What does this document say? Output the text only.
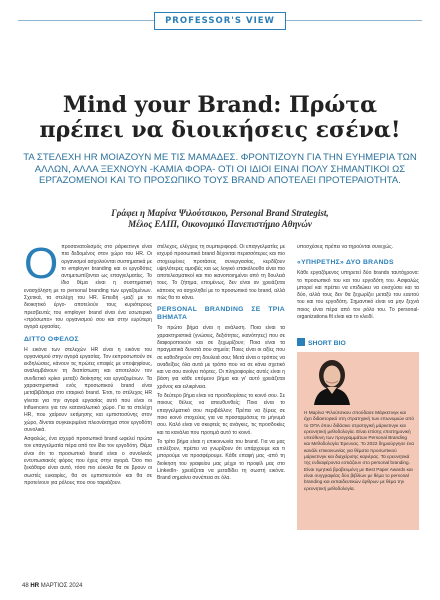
PROFESSOR'S VIEW
Mind your Brand: Πρώτα
πρέπει να διοικήσεις εσένα!
ΤΑ ΣΤΕΛΕΧΗ HR ΜΟΙΑΖΟΥΝ ΜΕ ΤΙΣ ΜΑΜΑΔΕΣ. ΦΡΟΝΤΙΖΟΥΝ ΓΙΑ ΤΗΝ ΕΥΗΜΕΡΙΑ ΤΩΝ ΑΛΛΩΝ, ΑΛΛΑ ΞΕΧΝΟΥΝ -ΚΑΜΙΑ ΦΟΡΑ- ΟΤΙ ΟΙ ΙΔΙΟΙ ΕΙΝΑΙ ΠΟΛΥ ΣΗΜΑΝΤΙΚΟΙ ΩΣ ΕΡΓΑΖΟΜΕΝΟΙ ΚΑΙ ΤΟ ΠΡΟΣΩΠΙΚΟ ΤΟΥΣ BRAND ΑΠΟΤΕΛΕΙ ΠΡΟΤΕΡΑΙΟΤΗΤΑ.
Γράφει η Μαρίνα Ψιλούτσικου, Personal Brand Strategist,
Μέλος ΕΛΙΠ, Οικονομικό Πανεπιστήμιο Αθηνών
Ο προσανατολισμός στο ράρκετινγκ είναι πια δεδομένος στον χώρο του HR. Οι οργανισμοί ασχολούνται συστηματικά με το employer branding και οι εργοδότες αντιμετωπίζονται ως επαγγελματίες. Το ίδιο θέμα είναι η συστηματική ενασχόληση με το personal branding των εργαζομένων. Σχετικά, τα στελέχη του HR. Επειδή -μαζί με το διοικητικό έργο- αποτελούν τους κυριότερους πρεσβευτές του employer brand είναι ένα εσωτερικό «πρόσωπο» του οργανισμού σου και στην ευρύτερη αγορά εργασίας.

ΔΙΤΤΟ ΟΦΕΛΟΣ

Η εικόνα των στελεχών HR είναι η εικόνα του οργανισμού στην αγορά εργασίας. Τον εκπροσωπούν σε εκδηλώσεις, κάνουν τις πρώτες επαφές με υποψηφίους, αναλαμβάνουν τη διαπίστωση και αποτελούν τον συνδετικό κρίκο μεταξύ διοίκησης και εργαζομένων. Τα χαρακτηριστικά ενός προσωπικού brand είναι μεταβιβάσιμα στο εταιρικό brand. Έτσι, το στέλεχος HR γίνεται για την αγορά εργασίας αυτό που είναι οι influencers για τον καταναλωτικό χώρο. Για τα στελέχη HR, που χαίρουν εκτίμησης και εμπιστοσύνης στον χώρο, δίνεται συγκεκριμένα πλεονέκτημα στον εργοδότη συνολικά.

Ασφαλώς, ένα ισχυρό προσωπικό brand ωφελεί πρώτα τον επαγγελματία πέρα από τον ίδιο τον εργοδότη. Θέμα είναι ότι το προσωπικό brand είναι ο συνολικός εντυπωσιακός φόρος που έχεις στην αγορά. Όσο πιο ξεκάθαρο είναι αυτό, τόσο πιο εύκολα θα σε βρουν οι σωστές ευκαιρίες, θα σε εμπιστευτούν και θα σε προτείνουν για ρόλους που σου ταιριάζουν.

στέλεχος, ελέγχεις τη συμπεριφορά. Οι επαγγελματίες με ισχυρό προσωπικό brand δέχονται περισσότερες και πιο στοχευμένες προτάσεις συνεργασίας, κερδίζουν υψηλότερες αμοιβές και ως λογικό επακόλουθο είναι πιο αποτελεσματικοί και πιο ικανοποιημένοι από τη δουλειά τους. Το ζήτημα, επομένως, δεν είναι αν χρειάζεται κάποιος να ασχοληθεί με το προσωπικό του brand, αλλά πώς θα το κάνει.

PERSONAL BRANDING ΣΕ ΤΡΙΑ ΒΗΜΑΤΑ

Το πρώτο βήμα είναι η ανάλυση. Ποια είναι τα χαρακτηριστικά (γνώσεις, δεξιότητες, ικανότητες) που σε διαφοροποιούν και σε ξεχωρίζουν; Ποια είναι τα πραγματικά δυνατά σου σημεία; Ποιες είναι οι αξίες που σε καθοδηγούν στη δουλειά σου; Μετά είναι ο τρόπος να αναδείξεις όλα αυτά με τρόπο που να σε κάνει σχετικό και να σου ανοίγει πόρτες. Οι πληροφορίες αυτές είναι η βάση για κάθε επόμενο βήμα και γι' αυτό χρειάζεται χρόνος και ειλικρίνεια.

Το δεύτερο βήμα είναι να προσδιορίσεις το κοινό σου. Σε ποιους θέλεις να απευθυνθείς; Ποιο είναι το επαγγελματικό σου περιβάλλον; Πρέπει να ξέρεις σε ποιο κοινό στοχεύεις για να προσαρμόσεις το μήνυμά σου. Καλό είναι να σκεφτείς τις ανάγκες, τις προσδοκίες και τα κανάλια που προτιμά αυτό το κοινό.

Το τρίτο βήμα είναι η επικοινωνία του brand. Για να μας επιλέξουν, πρέπει να γνωρίζουν ότι υπάρχουμε και τι μπορούμε να προσφέρουμε. Κάθε επαφή μας -από τη διοίκηση του γραφείου μας μέχρι το προφίλ μας στο LinkedIn- χρειάζεται να μεταδίδει τη σωστή εικόνα. Brand σημαίνει συνέπεια σε όλα.

υποσχέσεις πρέπει να τηρούνται συνεχώς.

«ΥΠΗΡΕΤΗΣ» ΔΥΟ BRANDS

Κάθε εργαζόμενος υπηρετεί δύο brands ταυτόχρονα: το προσωπικό του και του εργοδότη του. Ασφαλώς μπορεί και πρέπει να επιδιώκει να ενισχύσει και τα δύο, αλλά τους δεν θα ξεχωρίζει μεταξύ του εαυτού του και του εργοδότη. Σημαντικό είναι να μην ξεχνά ποιος είναι πέρα από τον ρόλο του. Το personal-organizationa fit είναι και το κλειδί.

SHORT BIO
Η Μαρίνα Ψιλούτσικου σπούδασε Μάρκετινγκ και έχει διδακτορικό στη στρατηγική των επωνυμιών από το ΟΠΑ όπου διδάσκει στρατηγική μάρκετινγκ και ερευνητική μεθοδολογία. Είναι επίσης επιστημονική υπεύθυνη των προγραμμάτων Personal Branding και Μεθοδολογία Έρευνας. Το 2022 δημιούργησε ένα κανάλι επικοινωνίας για θέματα προσωπικού μάρκετινγκ και διαχείρισης καριέρας. Τα ερευνητικά της ενδιαφέροντα εστιάζουν στο personal branding. Είναι τιμητικά βραβευμένη με Best Paper Awards και είναι συγγραφέας δύο βιβλίων με θέμα το personal branding και εκπαιδευτικών άρθρων με θέμα την ερευνητική μεθοδολογία.
48 HR ΜΑΡΤΙΟΣ 2024
